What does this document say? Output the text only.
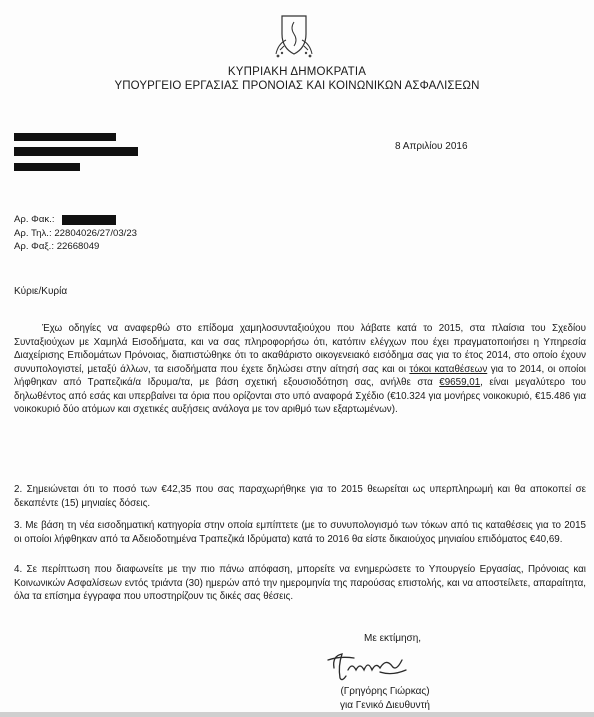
ΚΥΠΡΙΑΚΗ ΔΗΜΟΚΡΑΤΙΑ
ΥΠΟΥΡΓΕΙΟ ΕΡΓΑΣΙΑΣ ΠΡΟΝΟΙΑΣ ΚΑΙ ΚΟΙΝΩΝΙΚΩΝ ΑΣΦΑΛΙΣΕΩΝ
8 Απριλίου 2016
Αρ. Φακ.:
Αρ. Τηλ.: 22804026/27/03/23
Αρ. Φαξ.: 22668049
Κύριε/Κυρία
Έχω οδηγίες να αναφερθώ στο επίδομα χαμηλοσυνταξιούχου που λάβατε κατά το 2015, στα πλαίσια του Σχεδίου Συνταξιούχων με Χαμηλά Εισοδήματα, και να σας πληροφορήσω ότι, κατόπιν ελέγχων που έχει πραγματοποιήσει η Υπηρεσία Διαχείρισης Επιδομάτων Πρόνοιας, διαπιστώθηκε ότι το ακαθάριστο οικογενειακό εισόδημα σας για το έτος 2014, στο οποίο έχουν συνυπολογιστεί, μεταξύ άλλων, τα εισοδήματα που έχετε δηλώσει στην αίτησή σας και οι τόκοι καταθέσεων για το 2014, οι οποίοι λήφθηκαν από Τραπεζικά/α Ιδρυμα/τα, με βάση σχετική εξουσιοδότηση σας, ανήλθε στα €9659,01, είναι μεγαλύτερο του δηλωθέντος από εσάς και υπερβαίνει τα όρια που ορίζονται στο υπό αναφορά Σχέδιο (€10.324 για μονήρες νοικοκυριό, €15.486 για νοικοκυριό δύο ατόμων και σχετικές αυξήσεις ανάλογα με τον αριθμό των εξαρτωμένων).
2. Σημειώνεται ότι το ποσό των €42,35 που σας παραχωρήθηκε για το 2015 θεωρείται ως υπερπληρωμή και θα αποκοπεί σε δεκαπέντε (15) μηνιαίες δόσεις.
3. Με βάση τη νέα εισοδηματική κατηγορία στην οποία εμπίπτετε (με το συνυπολογισμό των τόκων από τις καταθέσεις για το 2015 οι οποίοι λήφθηκαν από τα Αδειοδοτημένα Τραπεζικά Ιδρύματα) κατά το 2016 θα είστε δικαιούχος μηνιαίου επιδόματος €40,69.
4. Σε περίπτωση που διαφωνείτε με την πιο πάνω απόφαση, μπορείτε να ενημερώσετε το Υπουργείο Εργασίας, Πρόνοιας και Κοινωνικών Ασφαλίσεων εντός τριάντα (30) ημερών από την ημερομηνία της παρούσας επιστολής, και να αποστείλετε, απαραίτητα, όλα τα επίσημα έγγραφα που υποστηρίζουν τις δικές σας θέσεις.
Με εκτίμηση,
(Γρηγόρης Γιώρκας)
για Γενικό Διευθυντή
